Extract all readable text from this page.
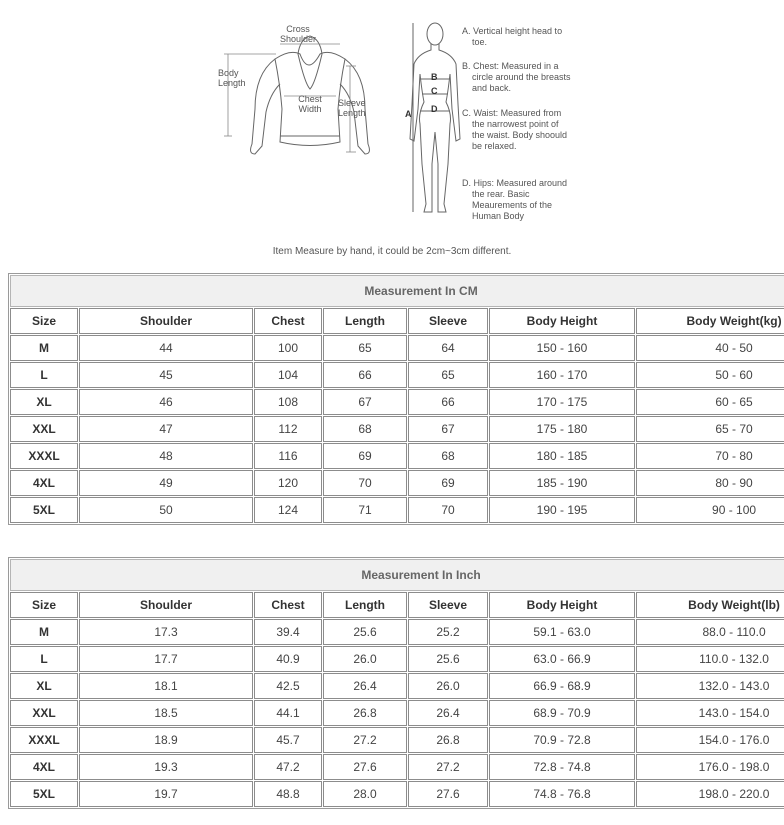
Cross
Shoulder
Body
Length
Chest
Width
Sleeve
Length	A
B
C
D
A. Vertical height head to toe.
B. Chest: Measured in a circle around the breasts and back.
C. Waist: Measured from the narrowest point of the waist. Body shoould be relaxed.
D. Hips: Measured around the rear. Basic Meaurements of the Human Body
Item Measure by hand, it could be 2cm~3cm different.
Measurement In CM						
Size	Shoulder	Chest	Length	Sleeve	Body Height	Body Weight(kg)
M	44	100	65	64	150 - 160	40 - 50
L	45	104	66	65	160 - 170	50 - 60
XL	46	108	67	66	170 - 175	60 - 65
XXL	47	112	68	67	175 - 180	65 - 70
XXXL	48	116	69	68	180 - 185	70 - 80
4XL	49	120	70	69	185 - 190	80 - 90
5XL	50	124	71	70	190 - 195	90 - 100
Measurement In Inch						
Size	Shoulder	Chest	Length	Sleeve	Body Height	Body Weight(lb)
M	17.3	39.4	25.6	25.2	59.1 - 63.0	88.0 - 110.0
L	17.7	40.9	26.0	25.6	63.0 - 66.9	110.0 - 132.0
XL	18.1	42.5	26.4	26.0	66.9 - 68.9	132.0 - 143.0
XXL	18.5	44.1	26.8	26.4	68.9 - 70.9	143.0 - 154.0
XXXL	18.9	45.7	27.2	26.8	70.9 - 72.8	154.0 - 176.0
4XL	19.3	47.2	27.6	27.2	72.8 - 74.8	176.0 - 198.0
5XL	19.7	48.8	28.0	27.6	74.8 - 76.8	198.0 - 220.0
